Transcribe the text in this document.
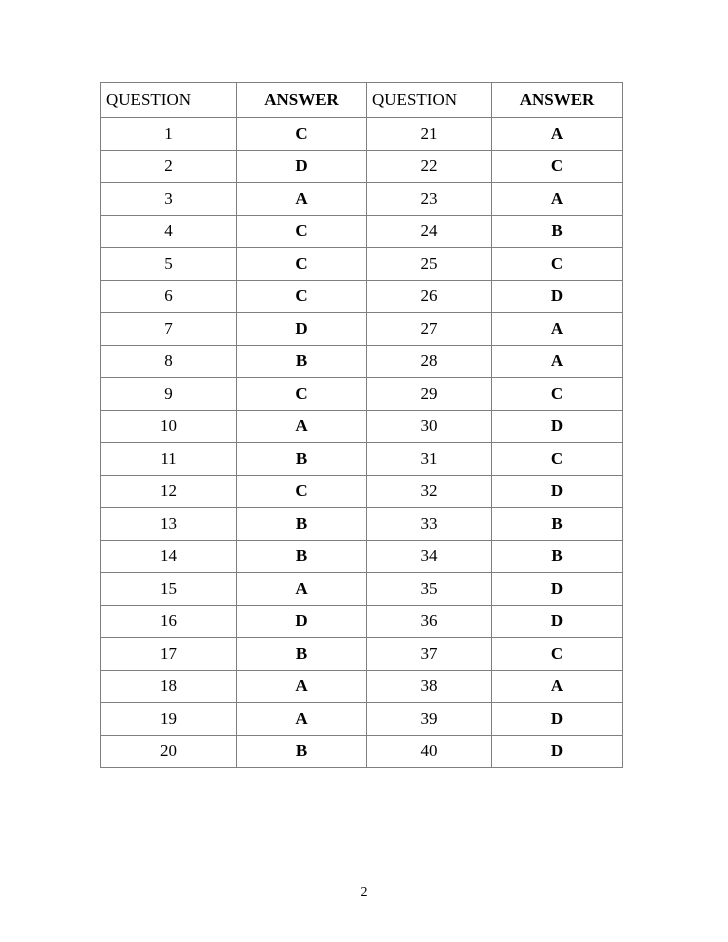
QUESTION	ANSWER	QUESTION	ANSWER
1	C	21	A
2	D	22	C
3	A	23	A
4	C	24	B
5	C	25	C
6	C	26	D
7	D	27	A
8	B	28	A
9	C	29	C
10	A	30	D
11	B	31	C
12	C	32	D
13	B	33	B
14	B	34	B
15	A	35	D
16	D	36	D
17	B	37	C
18	A	38	A
19	A	39	D
20	B	40	D
2
